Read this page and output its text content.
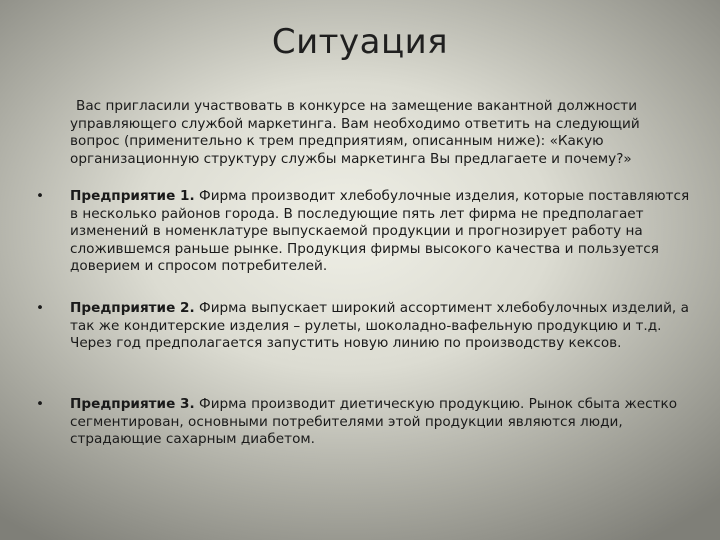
Ситуация

Вас пригласили участвовать в конкурсе на замещение вакантной должности управляющего службой маркетинга. Вам необходимо ответить на следующий вопрос (применительно к трем предприятиям, описанным ниже): «Какую организационную структуру службы маркетинга Вы предлагаете и почему?»

•	Предприятие 1. Фирма производит хлебобулочные изделия, которые поставляются в несколько районов города. В последующие пять лет фирма не предполагает изменений в номенклатуре выпускаемой продукции и прогнозирует работу на сложившемся раньше рынке. Продукция фирмы высокого качества и пользуется доверием и спросом потребителей.

•	Предприятие 2. Фирма выпускает широкий ассортимент хлебобулочных изделий, а так же кондитерские изделия – рулеты, шоколадно-вафельную продукцию и т.д. Через год предполагается запустить новую линию по производству кексов.

•	Предприятие 3. Фирма производит диетическую продукцию. Рынок сбыта жестко сегментирован, основными потребителями этой продукции являются люди, страдающие сахарным диабетом.
